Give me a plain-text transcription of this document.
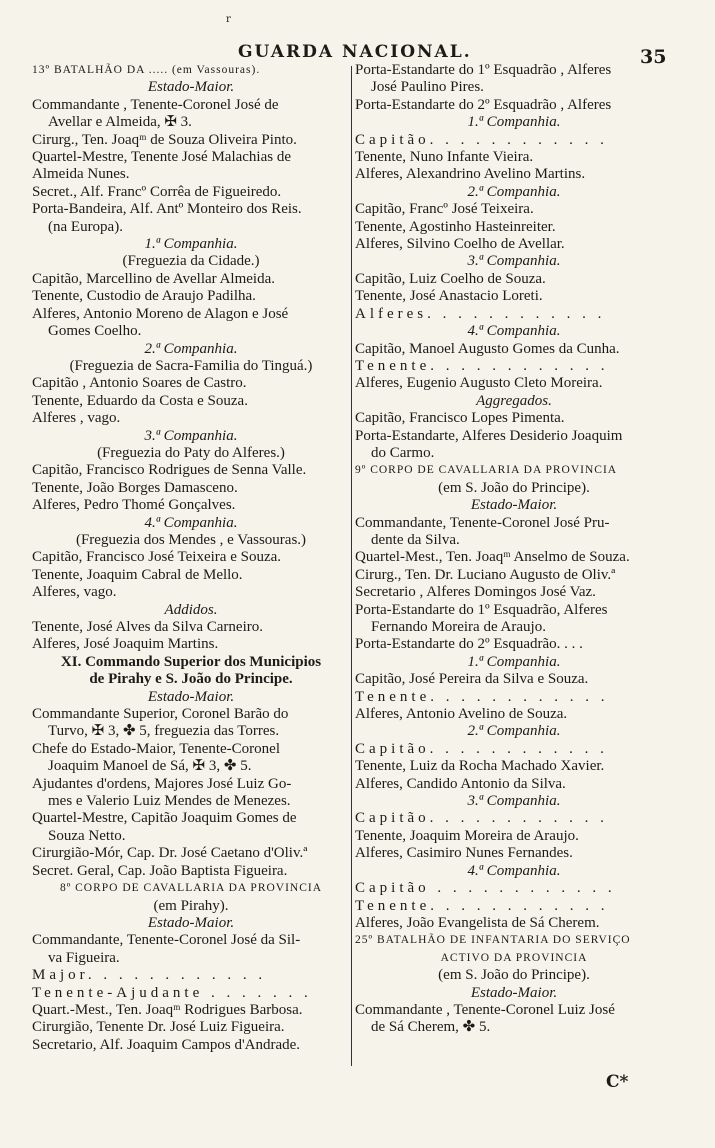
r
GUARDA NACIONAL.	35
13º BATALHÃO DA ..... (em Vassouras).
Estado-Maior.
Commandante , Tenente-Coronel José de
Avellar e Almeida, ✠ 3.
Cirurg., Ten. Joaqᵐ de Souza Oliveira Pinto.
Quartel-Mestre, Tenente José Malachias de
Almeida Nunes.
Secret., Alf. Francº Corrêa de Figueiredo.
Porta-Bandeira, Alf. Antº Monteiro dos Reis.
(na Europa).
1.ª Companhia.
(Freguezia da Cidade.)
Capitão, Marcellino de Avellar Almeida.
Tenente, Custodio de Araujo Padilha.
Alferes, Antonio Moreno de Alagon e José
Gomes Coelho.
2.ª Companhia.
(Freguezia de Sacra-Familia do Tinguá.)
Capitão , Antonio Soares de Castro.
Tenente, Eduardo da Costa e Souza.
Alferes , vago.
3.ª Companhia.
(Freguezia do Paty do Alferes.)
Capitão, Francisco Rodrigues de Senna Valle.
Tenente, João Borges Damasceno.
Alferes, Pedro Thomé Gonçalves.
4.ª Companhia.
(Freguezia dos Mendes , e Vassouras.)
Capitão, Francisco José Teixeira e Souza.
Tenente, Joaquim Cabral de Mello.
Alferes, vago.
Addidos.
Tenente, José Alves da Silva Carneiro.
Alferes, José Joaquim Martins.
XI. Commando Superior dos Municipios
de Pirahy e S. João do Principe.
Estado-Maior.
Commandante Superior, Coronel Barão do
Turvo, ✠ 3, ✤ 5, freguezia das Torres.
Chefe do Estado-Maior, Tenente-Coronel
Joaquim Manoel de Sá, ✠ 3, ✤ 5.
Ajudantes d'ordens, Majores José Luiz Go-
mes e Valerio Luiz Mendes de Menezes.
Quartel-Mestre, Capitão Joaquim Gomes de
Souza Netto.
Cirurgião-Mór, Cap. Dr. José Caetano d'Oliv.ª
Secret. Geral, Cap. João Baptista Figueira.
8º CORPO DE CAVALLARIA DA PROVINCIA
(em Pirahy).
Estado-Maior.
Commandante, Tenente-Coronel José da Sil-
va Figueira.
Major. . . . . . . . . . . .
Tenente-Ajudante . . . . . . .
Quart.-Mest., Ten. Joaqᵐ Rodrigues Barbosa.
Cirurgião, Tenente Dr. José Luiz Figueira.
Secretario, Alf. Joaquim Campos d'Andrade.
Porta-Estandarte do 1º Esquadrão , Alferes
José Paulino Pires.
Porta-Estandarte do 2º Esquadrão , Alferes
1.ª Companhia.
Capitão. . . . . . . . . . . .
Tenente, Nuno Infante Vieira.
Alferes, Alexandrino Avelino Martins.
2.ª Companhia.
Capitão, Francº José Teixeira.
Tenente, Agostinho Hasteinreiter.
Alferes, Silvino Coelho de Avellar.
3.ª Companhia.
Capitão, Luiz Coelho de Souza.
Tenente, José Anastacio Loreti.
Alferes. . . . . . . . . . . .
4.ª Companhia.
Capitão, Manoel Augusto Gomes da Cunha.
Tenente. . . . . . . . . . . .
Alferes, Eugenio Augusto Cleto Moreira.
Aggregados.
Capitão, Francisco Lopes Pimenta.
Porta-Estandarte, Alferes Desiderio Joaquim
do Carmo.
9º CORPO DE CAVALLARIA DA PROVINCIA
(em S. João do Principe).
Estado-Maior.
Commandante, Tenente-Coronel José Pru-
dente da Silva.
Quartel-Mest., Ten. Joaqᵐ Anselmo de Souza.
Cirurg., Ten. Dr. Luciano Augusto de Oliv.ª
Secretario , Alferes Domingos José Vaz.
Porta-Estandarte do 1º Esquadrão, Alferes
Fernando Moreira de Araujo.
Porta-Estandarte do 2º Esquadrão. . . .
1.ª Companhia.
Capitão, José Pereira da Silva e Souza.
Tenente. . . . . . . . . . . .
Alferes, Antonio Avelino de Souza.
2.ª Companhia.
Capitão. . . . . . . . . . . .
Tenente, Luiz da Rocha Machado Xavier.
Alferes, Candido Antonio da Silva.
3.ª Companhia.
Capitão. . . . . . . . . . . .
Tenente, Joaquim Moreira de Araujo.
Alferes, Casimiro Nunes Fernandes.
4.ª Companhia.
Capitão . . . . . . . . . . . .
Tenente. . . . . . . . . . . .
Alferes, João Evangelista de Sá Cherem.
25º BATALHÃO DE INFANTARIA DO SERVIÇO
ACTIVO DA PROVINCIA
(em S. João do Principe).
Estado-Maior.
Commandante , Tenente-Coronel Luiz José
de Sá Cherem, ✤ 5.
C*
